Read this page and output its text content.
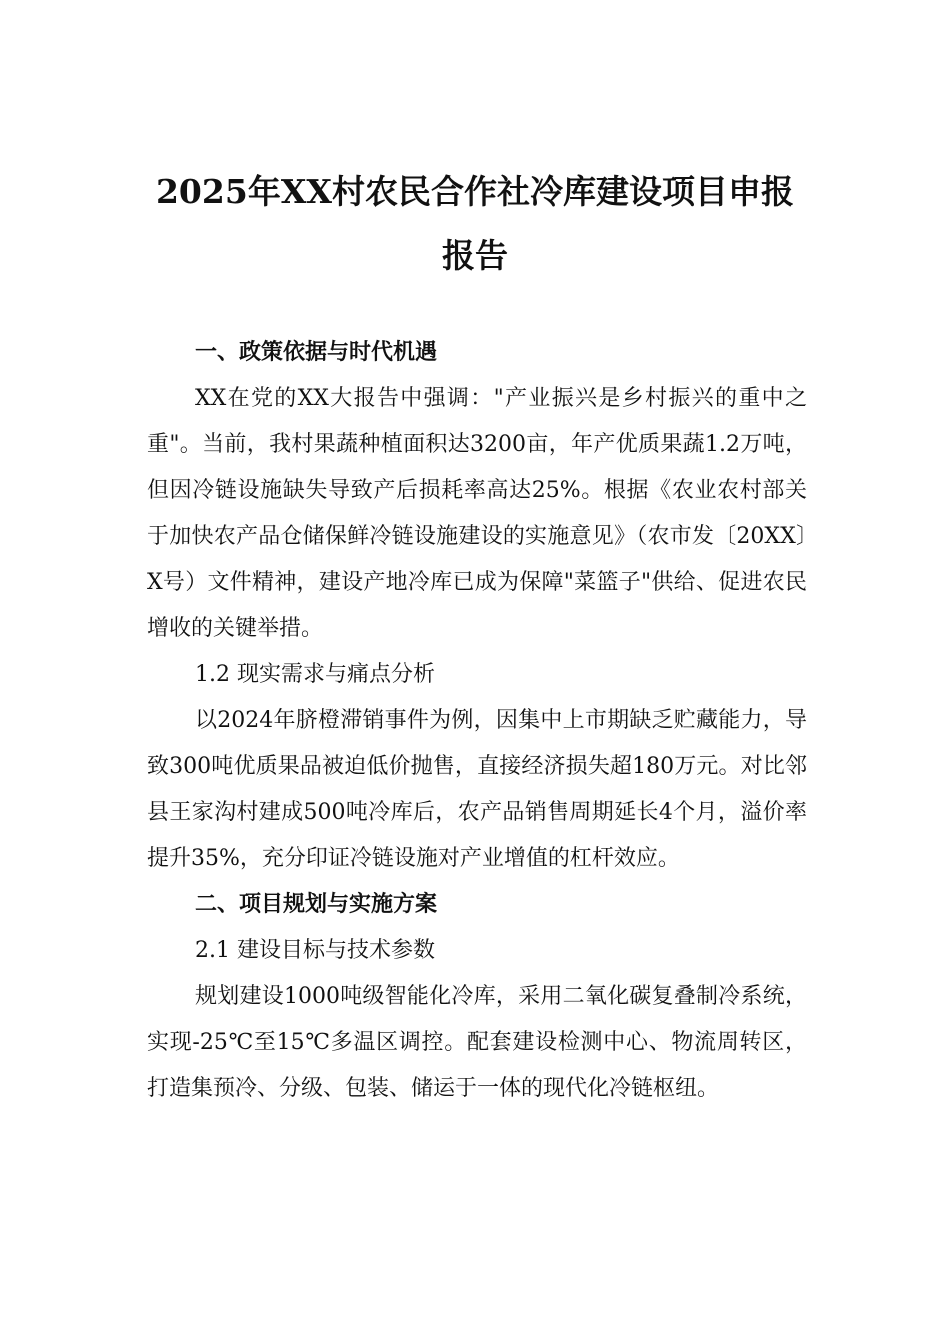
2025年XX村农民合作社冷库建设项目申报报告

一、政策依据与时代机遇

XX在党的XX大报告中强调："产业振兴是乡村振兴的重中之重"。当前，我村果蔬种植面积达3200亩，年产优质果蔬1.2万吨，但因冷链设施缺失导致产后损耗率高达25%。根据《农业农村部关于加快农产品仓储保鲜冷链设施建设的实施意见》（农市发〔20XX〕X号）文件精神，建设产地冷库已成为保障"菜篮子"供给、促进农民增收的关键举措。

1.2 现实需求与痛点分析

以2024年脐橙滞销事件为例，因集中上市期缺乏贮藏能力，导致300吨优质果品被迫低价抛售，直接经济损失超180万元。对比邻县王家沟村建成500吨冷库后，农产品销售周期延长4个月，溢价率提升35%，充分印证冷链设施对产业增值的杠杆效应。

二、项目规划与实施方案

2.1 建设目标与技术参数

规划建设1000吨级智能化冷库，采用二氧化碳复叠制冷系统，实现-25℃至15℃多温区调控。配套建设检测中心、物流周转区，打造集预冷、分级、包装、储运于一体的现代化冷链枢纽。
